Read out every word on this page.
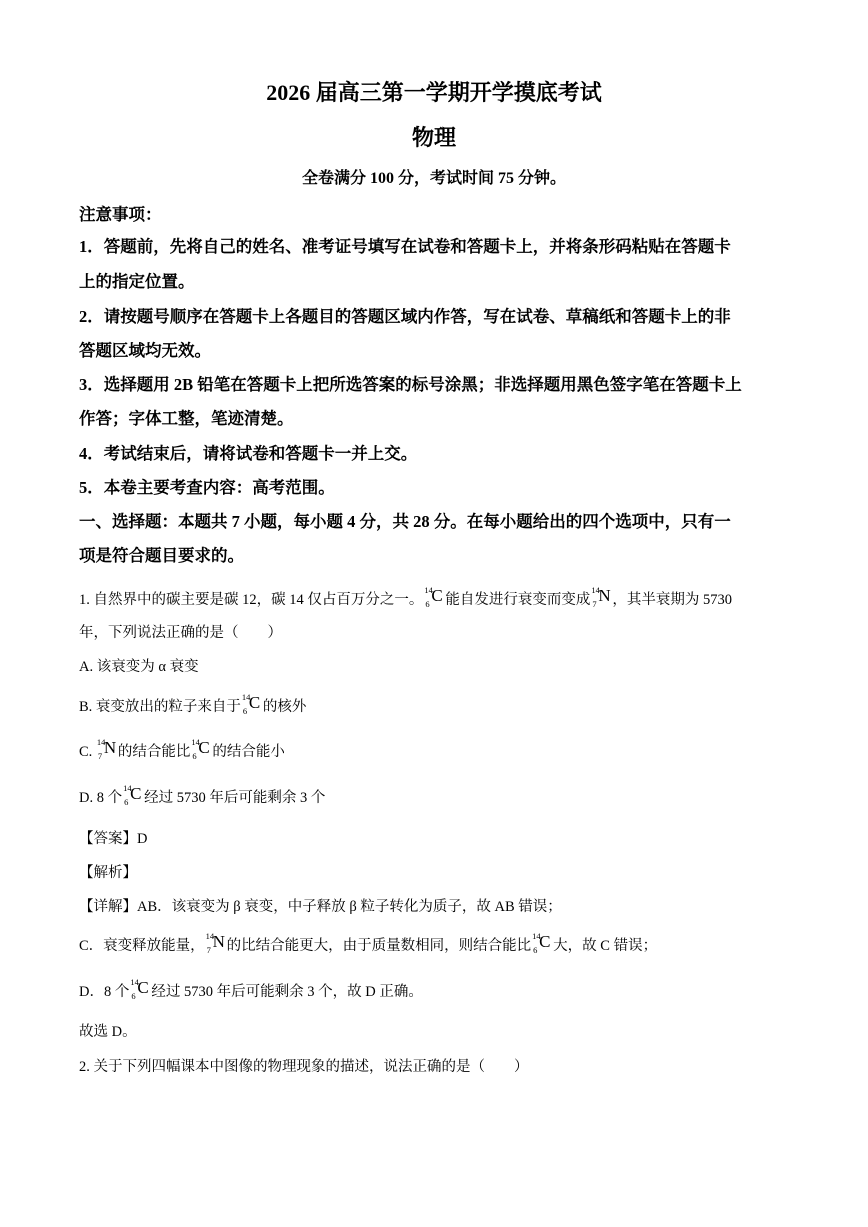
2026 届高三第一学期开学摸底考试
物理
全卷满分 100 分，考试时间 75 分钟。
注意事项：
1．答题前，先将自己的姓名、准考证号填写在试卷和答题卡上，并将条形码粘贴在答题卡
上的指定位置。
2．请按题号顺序在答题卡上各题目的答题区域内作答，写在试卷、草稿纸和答题卡上的非
答题区域均无效。
3．选择题用 2B 铅笔在答题卡上把所选答案的标号涂黑；非选择题用黑色签字笔在答题卡上
作答；字体工整，笔迹清楚。
4．考试结束后，请将试卷和答题卡一并上交。
5．本卷主要考查内容：高考范围。
一、选择题：本题共 7 小题，每小题 4 分，共 28 分。在每小题给出的四个选项中，只有一
项是符合题目要求的。
1. 自然界中的碳主要是碳 12，碳 14 仅占百万分之一。
14
6 C 能自发进行衰变而变成
14
7 N ，其半衰期为 5730
年，下列说法正确的是（　　）
A. 该衰变为 α 衰变
B. 衰变放出的粒子来自于
14
6 C 的核外
C.
14
7 N 的结合能比
14
6 C 的结合能小
D. 8 个
14
6 C 经过 5730 年后可能剩余 3 个
【答案】D
【解析】
【详解】AB．该衰变为 β 衰变，中子释放 β 粒子转化为质子，故 AB 错误；
C．衰变释放能量，
14
7 N 的比结合能更大，由于质量数相同，则结合能比
14
6 C 大，故 C 错误；
D．8 个
14
6 C 经过 5730 年后可能剩余 3 个，故 D 正确。
故选 D。
2. 关于下列四幅课本中图像的物理现象的描述，说法正确的是（　　）
